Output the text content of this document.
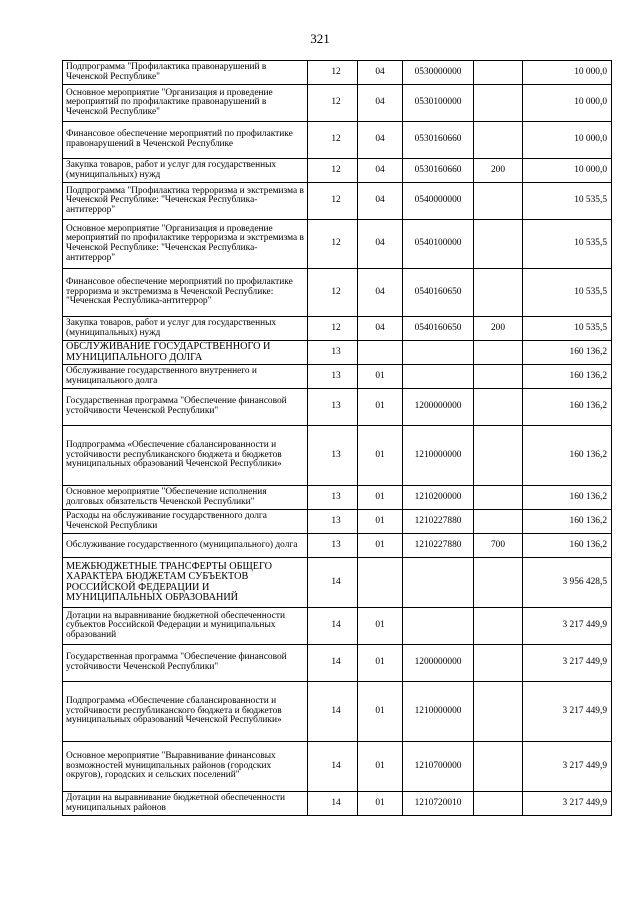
321
Подпрограмма "Профилактика правонарушений в Чеченской Республике"	12	04	0530000000		10 000,0
Основное мероприятие "Организация и проведение мероприятий по профилактике правонарушений в Чеченской Республике"	12	04	0530100000		10 000,0
Финансовое обеспечение мероприятий по профилактике правонарушений в Чеченской Республике	12	04	0530160660		10 000,0
Закупка товаров, работ и услуг для государственных (муниципальных) нужд	12	04	0530160660	200	10 000,0
Подпрограмма "Профилактика терроризма и экстремизма в Чеченской Республике: "Чеченская Республика-антитеррор"	12	04	0540000000		10 535,5
Основное мероприятие "Организация и проведение мероприятий по профилактике терроризма и экстремизма в Чеченской Республике: "Чеченская Республика-антитеррор"	12	04	0540100000		10 535,5
Финансовое обеспечение мероприятий по профилактике терроризма и экстремизма в Чеченской Республике: "Чеченская Республика-антитеррор"	12	04	0540160650		10 535,5
Закупка товаров, работ и услуг для государственных (муниципальных) нужд	12	04	0540160650	200	10 535,5
ОБСЛУЖИВАНИЕ ГОСУДАРСТВЕННОГО И МУНИЦИПАЛЬНОГО ДОЛГА	13				160 136,2
Обслуживание государственного внутреннего и муниципального долга	13	01			160 136,2
Государственная программа "Обеспечение финансовой устойчивости Чеченской Республики"	13	01	1200000000		160 136,2
Подпрограмма «Обеспечение сбалансированности и устойчивости республиканского бюджета и бюджетов муниципальных образований Чеченской Республики»	13	01	1210000000		160 136,2
Основное мероприятие "Обеспечение исполнения долговых обязательств Чеченской Республики"	13	01	1210200000		160 136,2
Расходы на обслуживание государственного долга Чеченской Республики	13	01	1210227880		160 136,2
Обслуживание государственного (муниципального) долга	13	01	1210227880	700	160 136,2
МЕЖБЮДЖЕТНЫЕ ТРАНСФЕРТЫ ОБЩЕГО ХАРАКТЕРА БЮДЖЕТАМ СУБЪЕКТОВ РОССИЙСКОЙ ФЕДЕРАЦИИ И МУНИЦИПАЛЬНЫХ ОБРАЗОВАНИЙ	14				3 956 428,5
Дотации на выравнивание бюджетной обеспеченности субъектов Российской Федерации и муниципальных образований	14	01			3 217 449,9
Государственная программа "Обеспечение финансовой устойчивости Чеченской Республики"	14	01	1200000000		3 217 449,9
Подпрограмма «Обеспечение сбалансированности и устойчивости республиканского бюджета и бюджетов муниципальных образований Чеченской Республики»	14	01	1210000000		3 217 449,9
Основное мероприятие "Выравнивание финансовых возможностей муниципальных районов (городских округов), городских и сельских поселений"	14	01	1210700000		3 217 449,9
Дотации на выравнивание бюджетной обеспеченности муниципальных районов	14	01	1210720010		3 217 449,9
